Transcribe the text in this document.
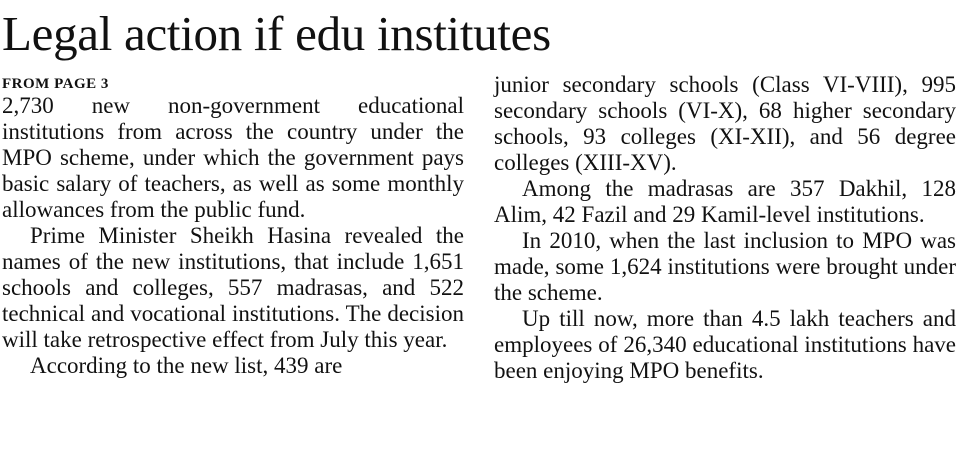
Legal action if edu institutes
FROM PAGE 3

2,730 new non-government educational institutions from across the country under the MPO scheme, under which the government pays basic salary of teachers, as well as some monthly allowances from the public fund.

Prime Minister Sheikh Hasina revealed the names of the new institutions, that include 1,651 schools and colleges, 557 madrasas, and 522 technical and vocational institutions. The decision will take retrospective effect from July this year.

According to the new list, 439 are

junior secondary schools (Class VI-VIII), 995 secondary schools (VI-X), 68 higher secondary schools, 93 colleges (XI-XII), and 56 degree colleges (XIII-XV).

Among the madrasas are 357 Dakhil, 128 Alim, 42 Fazil and 29 Kamil-level institutions.

In 2010, when the last inclusion to MPO was made, some 1,624 institutions were brought under the scheme.

Up till now, more than 4.5 lakh teachers and employees of 26,340 educational institutions have been enjoying MPO benefits.
